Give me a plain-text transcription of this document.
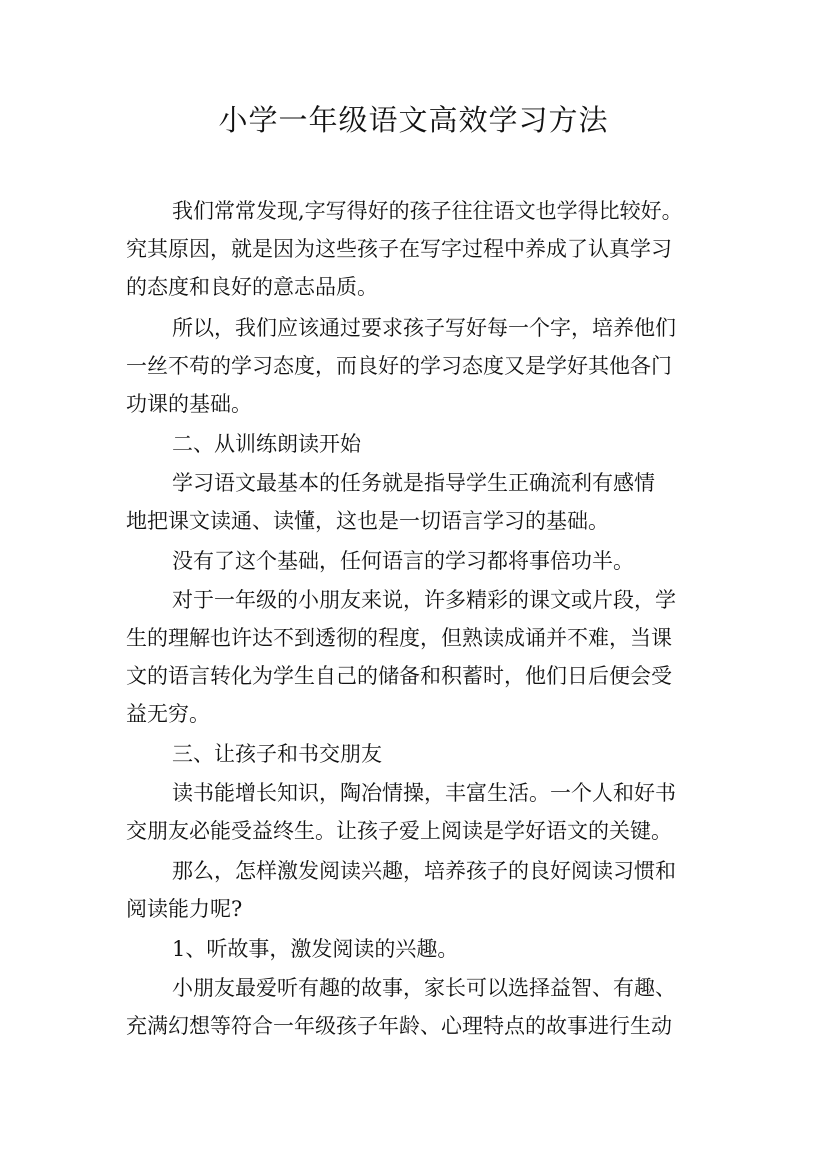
小学一年级语文高效学习方法

我们常常发现,字写得好的孩子往往语文也学得比较好。

究其原因，就是因为这些孩子在写字过程中养成了认真学习

的态度和良好的意志品质。

所以，我们应该通过要求孩子写好每一个字，培养他们

一丝不苟的学习态度，而良好的学习态度又是学好其他各门

功课的基础。

二、从训练朗读开始

学习语文最基本的任务就是指导学生正确流利有感情

地把课文读通、读懂，这也是一切语言学习的基础。

没有了这个基础，任何语言的学习都将事倍功半。

对于一年级的小朋友来说，许多精彩的课文或片段，学

生的理解也许达不到透彻的程度，但熟读成诵并不难，当课

文的语言转化为学生自己的储备和积蓄时，他们日后便会受

益无穷。

三、让孩子和书交朋友

读书能增长知识，陶冶情操，丰富生活。一个人和好书

交朋友必能受益终生。让孩子爱上阅读是学好语文的关键。

那么，怎样激发阅读兴趣，培养孩子的良好阅读习惯和

阅读能力呢?

1、听故事，激发阅读的兴趣。

小朋友最爱听有趣的故事，家长可以选择益智、有趣、

充满幻想等符合一年级孩子年龄、心理特点的故事进行生动
